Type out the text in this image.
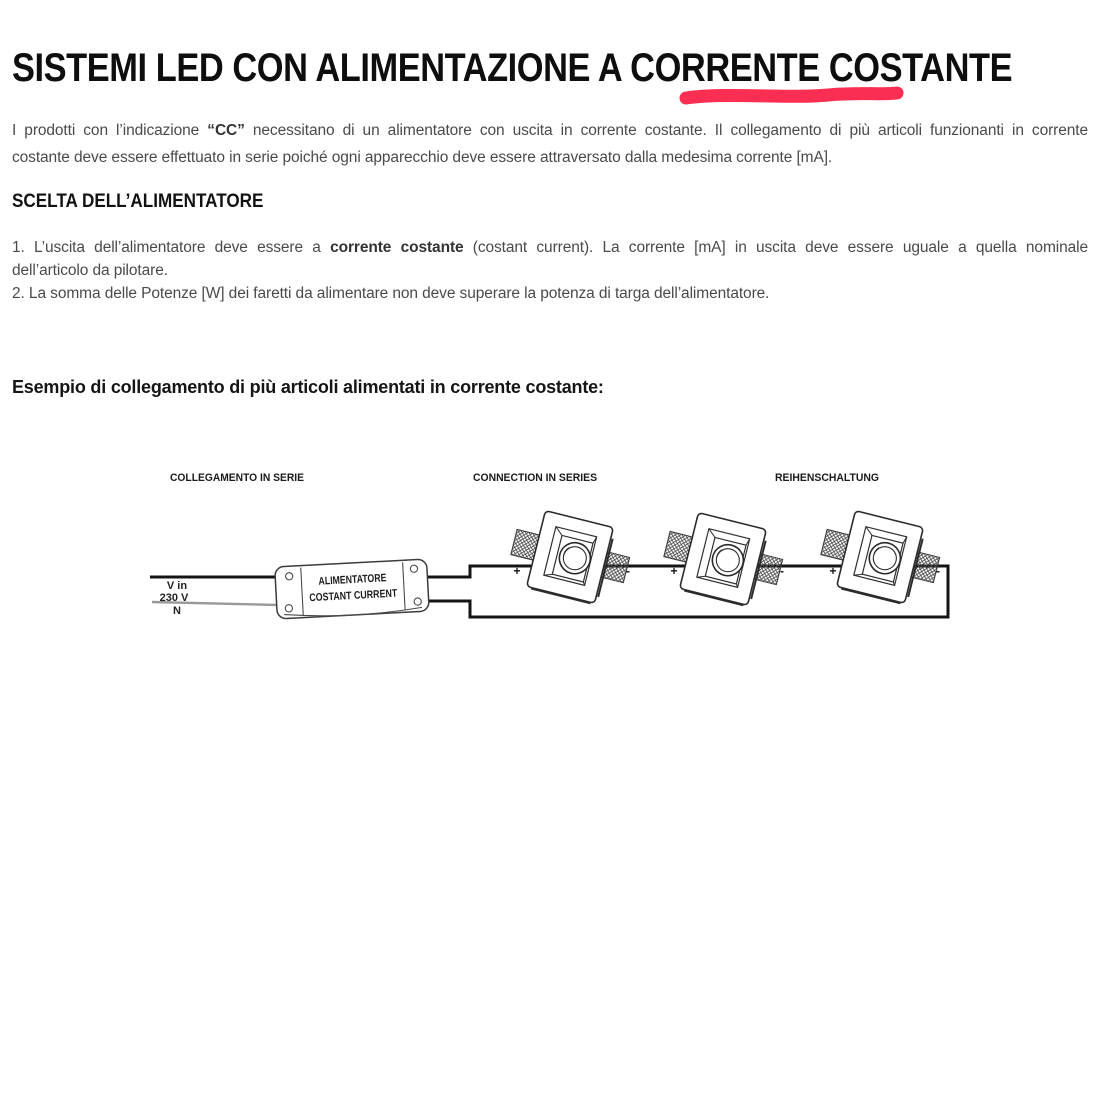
SISTEMI LED CON ALIMENTAZIONE A CORRENTE COSTANTE
I prodotti con l’indicazione “CC” necessitano di un alimentatore con uscita in corrente costante. Il collegamento di più articoli funzionanti in corrente
costante deve essere effettuato in serie poiché ogni apparecchio deve essere attraversato dalla medesima corrente [mA].
SCELTA DELL’ALIMENTATORE
1. L’uscita dell’alimentatore deve essere a corrente costante (costant current). La corrente [mA] in uscita deve essere uguale a quella nominale
dell’articolo da pilotare.
2. La somma delle Potenze [W] dei faretti da alimentare non deve superare la potenza di targa dell’alimentatore.
Esempio di collegamento di più articoli alimentati in corrente costante:
COLLEGAMENTO IN SERIE	CONNECTION IN SERIES	REIHENSCHALTUNG
V in
230 V
N
ALIMENTATORE
COSTANT CURRENT
+	-	+	-	+	-
